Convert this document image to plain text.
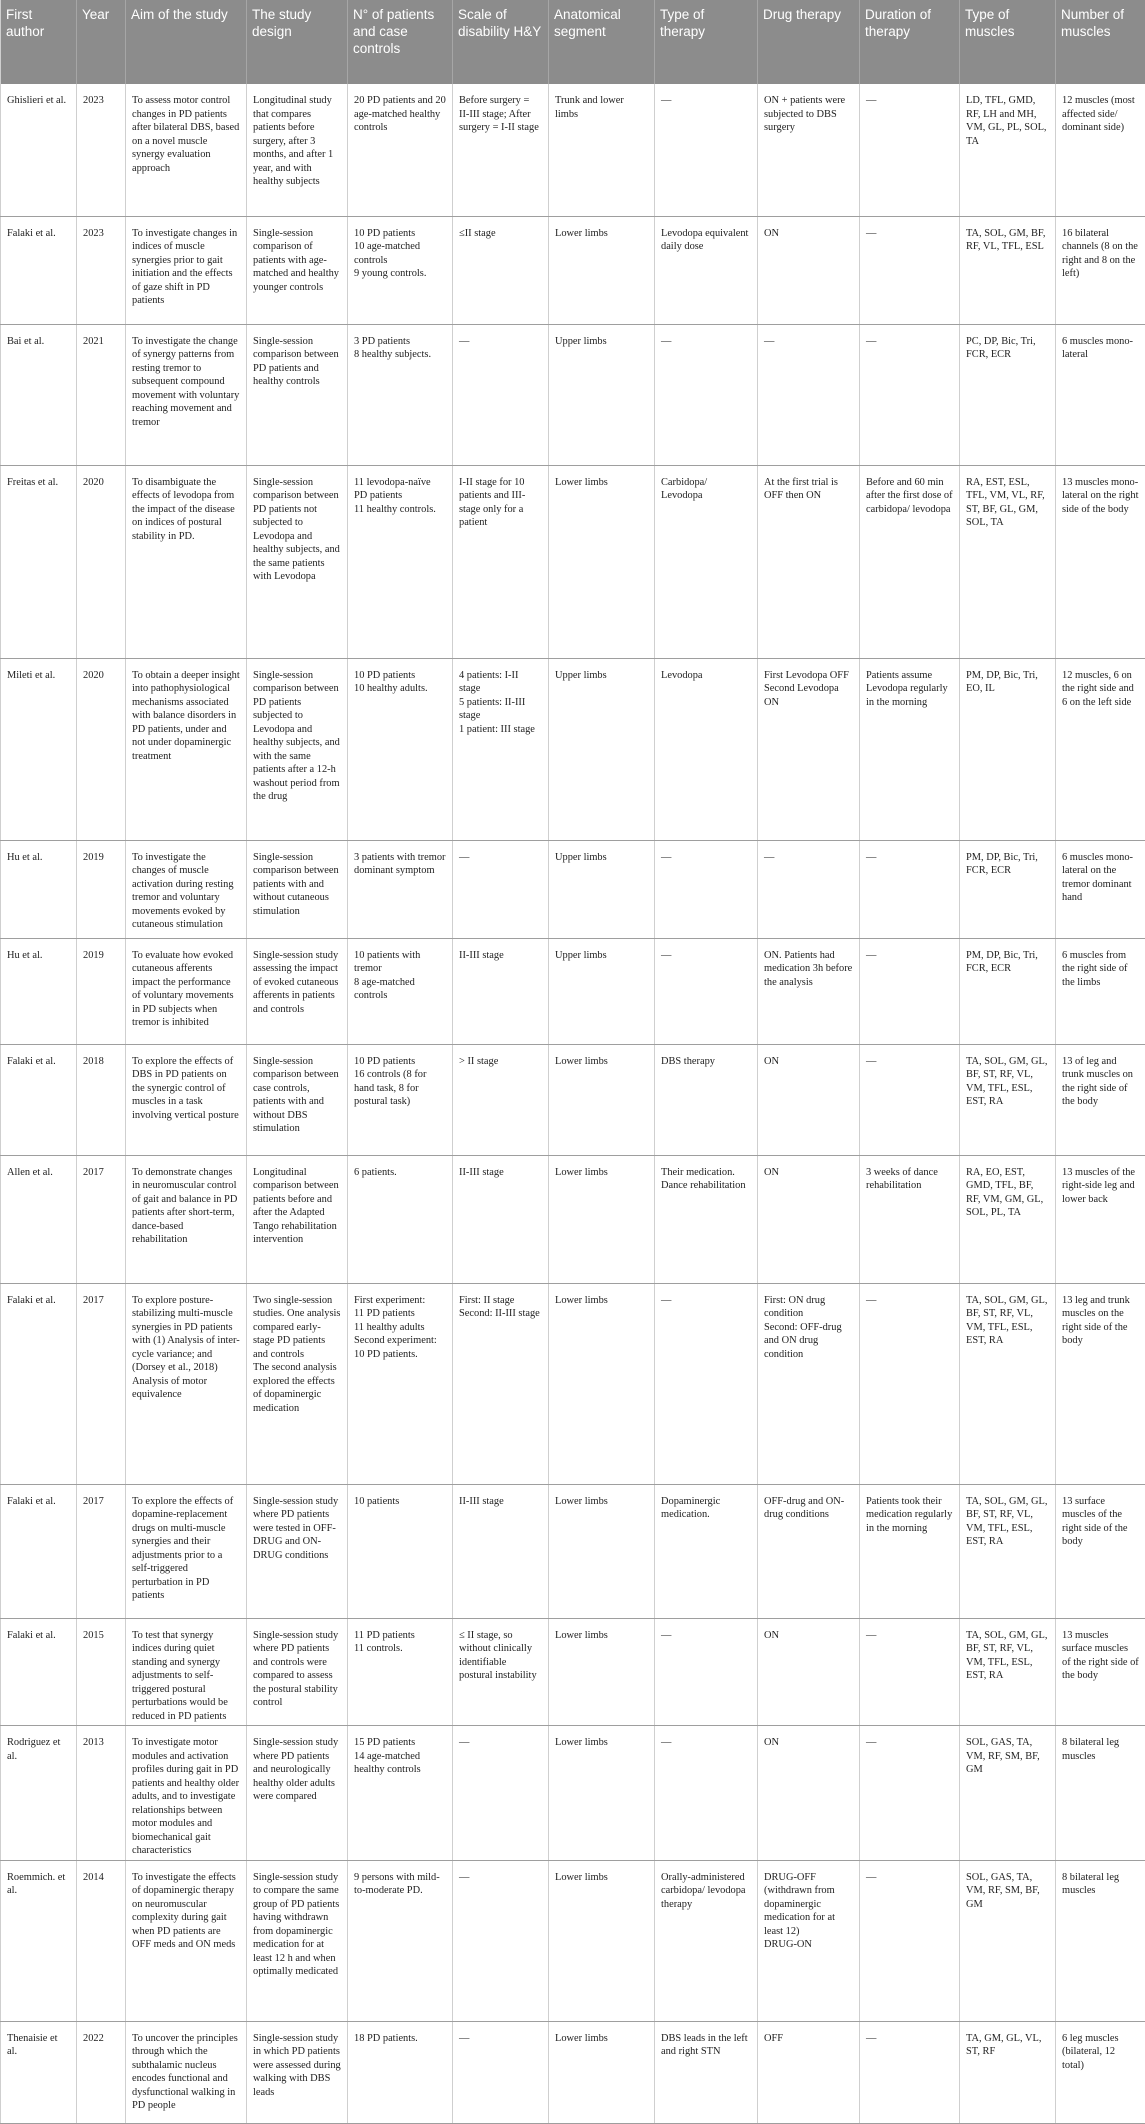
First author	Year	Aim of the study	The study design	N° of patients and case controls	Scale of disability H&Y	Anatomical segment	Type of therapy	Drug therapy	Duration of therapy	Type of muscles	Number of muscles
Ghislieri et al.	2023	To assess motor control changes in PD patients after bilateral DBS, based on a novel muscle synergy evaluation approach	Longitudinal study that compares patients before surgery, after 3 months, and after 1 year, and with healthy subjects	20 PD patients and 20 age-matched healthy controls	Before surgery = II-III stage; After surgery = I-II stage	Trunk and lower limbs	—	ON + patients were subjected to DBS surgery	—	LD, TFL, GMD, RF, LH and MH, VM, GL, PL, SOL, TA	12 muscles (most affected side/ dominant side)
Falaki et al.	2023	To investigate changes in indices of muscle synergies prior to gait initiation and the effects of gaze shift in PD patients	Single-session comparison of patients with age-matched and healthy younger controls	10 PD patients
10 age-matched controls
9 young controls.	≤II stage	Lower limbs	Levodopa equivalent daily dose	ON	—	TA, SOL, GM, BF, RF, VL, TFL, ESL	16 bilateral channels (8 on the right and 8 on the left)
Bai et al.	2021	To investigate the change of synergy patterns from resting tremor to subsequent compound movement with voluntary reaching movement and tremor	Single-session comparison between PD patients and healthy controls	3 PD patients
8 healthy subjects.	—	Upper limbs	—	—	—	PC, DP, Bic, Tri, FCR, ECR	6 muscles mono-lateral
Freitas et al.	2020	To disambiguate the effects of levodopa from the impact of the disease on indices of postural stability in PD.	Single-session comparison between PD patients not subjected to Levodopa and healthy subjects, and the same patients with Levodopa	11 levodopa-naïve PD patients
11 healthy controls.	I-II stage for 10 patients and III- stage only for a patient	Lower limbs	Carbidopa/ Levodopa	At the first trial is OFF then ON	Before and 60 min after the first dose of carbidopa/ levodopa	RA, EST, ESL, TFL, VM, VL, RF, ST, BF, GL, GM, SOL, TA	13 muscles mono-lateral on the right side of the body
Mileti et al.	2020	To obtain a deeper insight into pathophysiological mechanisms associated with balance disorders in PD patients, under and not under dopaminergic treatment	Single-session comparison between PD patients subjected to Levodopa and healthy subjects, and with the same patients after a 12-h washout period from the drug	10 PD patients
10 healthy adults.	4 patients: I-II stage
5 patients: II-III stage
1 patient: III stage	Upper limbs	Levodopa	First Levodopa OFF
Second Levodopa ON	Patients assume Levodopa regularly in the morning	PM, DP, Bic, Tri, EO, IL	12 muscles, 6 on the right side and 6 on the left side
Hu et al.	2019	To investigate the changes of muscle activation during resting tremor and voluntary movements evoked by cutaneous stimulation	Single-session comparison between patients with and without cutaneous stimulation	3 patients with tremor dominant symptom	—	Upper limbs	—	—	—	PM, DP, Bic, Tri, FCR, ECR	6 muscles mono-lateral on the tremor dominant hand
Hu et al.	2019	To evaluate how evoked cutaneous afferents impact the performance of voluntary movements in PD subjects when tremor is inhibited	Single-session study assessing the impact of evoked cutaneous afferents in patients and controls	10 patients with tremor
8 age-matched controls	II-III stage	Upper limbs	—	ON. Patients had medication 3h before the analysis	—	PM, DP, Bic, Tri, FCR, ECR	6 muscles from the right side of the limbs
Falaki et al.	2018	To explore the effects of DBS in PD patients on the synergic control of muscles in a task involving vertical posture	Single-session comparison between case controls, patients with and without DBS stimulation	10 PD patients
16 controls (8 for hand task, 8 for postural task)	> II stage	Lower limbs	DBS therapy	ON	—	TA, SOL, GM, GL, BF, ST, RF, VL, VM, TFL, ESL, EST, RA	13 of leg and trunk muscles on the right side of the body
Allen et al.	2017	To demonstrate changes in neuromuscular control of gait and balance in PD patients after short-term, dance-based rehabilitation	Longitudinal comparison between patients before and after the Adapted Tango rehabilitation intervention	6 patients.	II-III stage	Lower limbs	Their medication. Dance rehabilitation	ON	3 weeks of dance rehabilitation	RA, EO, EST, GMD, TFL, BF, RF, VM, GM, GL, SOL, PL, TA	13 muscles of the right-side leg and lower back
Falaki et al.	2017	To explore posture-stabilizing multi-muscle synergies in PD patients with (1) Analysis of inter-cycle variance; and (Dorsey et al., 2018) Analysis of motor equivalence	Two single-session studies. One analysis compared early-stage PD patients and controls
The second analysis explored the effects of dopaminergic medication	First experiment:
11 PD patients
11 healthy adults
Second experiment:
10 PD patients.	First: II stage
Second: II-III stage	Lower limbs	—	First: ON drug condition
Second: OFF-drug and ON drug condition	—	TA, SOL, GM, GL, BF, ST, RF, VL, VM, TFL, ESL, EST, RA	13 leg and trunk muscles on the right side of the body
Falaki et al.	2017	To explore the effects of dopamine-replacement drugs on multi-muscle synergies and their adjustments prior to a self-triggered perturbation in PD patients	Single-session study where PD patients were tested in OFF-DRUG and ON-DRUG conditions	10 patients	II-III stage	Lower limbs	Dopaminergic medication.	OFF-drug and ON-drug conditions	Patients took their medication regularly in the morning	TA, SOL, GM, GL, BF, ST, RF, VL, VM, TFL, ESL, EST, RA	13 surface muscles of the right side of the body
Falaki et al.	2015	To test that synergy indices during quiet standing and synergy adjustments to self-triggered postural perturbations would be reduced in PD patients	Single-session study where PD patients and controls were compared to assess the postural stability control	11 PD patients
11 controls.	≤ II stage, so without clinically identifiable postural instability	Lower limbs	—	ON	—	TA, SOL, GM, GL, BF, ST, RF, VL, VM, TFL, ESL, EST, RA	13 muscles surface muscles of the right side of the body
Rodriguez et al.	2013	To investigate motor modules and activation profiles during gait in PD patients and healthy older adults, and to investigate relationships between motor modules and biomechanical gait characteristics	Single-session study where PD patients and neurologically healthy older adults were compared	15 PD patients
14 age-matched healthy controls	—	Lower limbs	—	ON	—	SOL, GAS, TA, VM, RF, SM, BF, GM	8 bilateral leg muscles
Roemmich. et al.	2014	To investigate the effects of dopaminergic therapy on neuromuscular complexity during gait when PD patients are OFF meds and ON meds	Single-session study to compare the same group of PD patients having withdrawn from dopaminergic medication for at least 12 h and when optimally medicated	9 persons with mild-to-moderate PD.	—	Lower limbs	Orally-administered carbidopa/ levodopa therapy	DRUG-OFF (withdrawn from dopaminergic medication for at least 12)
DRUG-ON	—	SOL, GAS, TA, VM, RF, SM, BF, GM	8 bilateral leg muscles
Thenaisie et al.	2022	To uncover the principles through which the subthalamic nucleus encodes functional and dysfunctional walking in PD people	Single-session study in which PD patients were assessed during walking with DBS leads	18 PD patients.	—	Lower limbs	DBS leads in the left and right STN	OFF	—	TA, GM, GL, VL, ST, RF	6 leg muscles (bilateral, 12 total)
